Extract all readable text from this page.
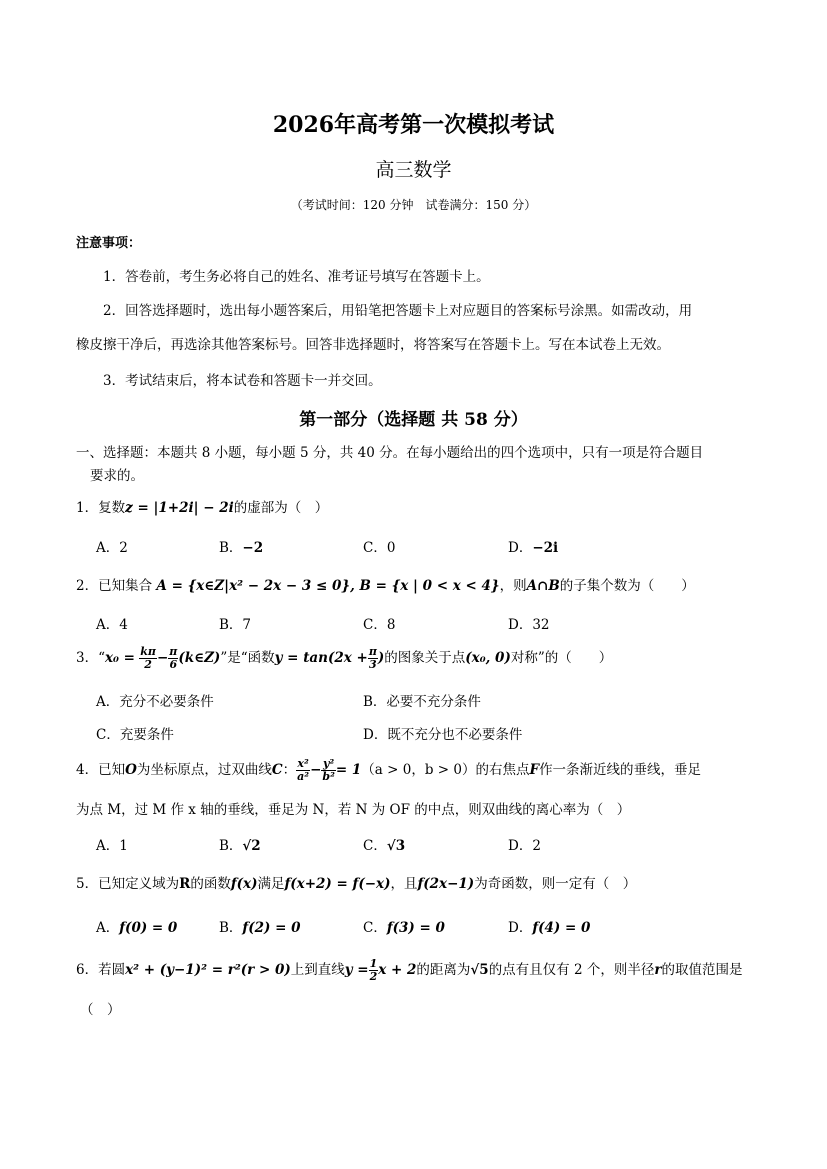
2026年高考第一次模拟考试
高三数学
（考试时间：120 分钟　试卷满分：150 分）
注意事项：
1．答卷前，考生务必将自己的姓名、准考证号填写在答题卡上。
2．回答选择题时，选出每小题答案后，用铅笔把答题卡上对应题目的答案标号涂黑。如需改动，用
橡皮擦干净后，再选涂其他答案标号。回答非选择题时，将答案写在答题卡上。写在本试卷上无效。
3．考试结束后，将本试卷和答题卡一并交回。
第一部分（选择题 共 58 分）
一、选择题：本题共 8 小题，每小题 5 分，共 40 分。在每小题给出的四个选项中，只有一项是符合题目
要求的。
1．复数z = |1+2i| − 2i的虚部为（　）
A．2	B．−2	C．0	D．−2i
2．已知集合 A = {x∈Z|x² − 2x − 3 ≤ 0}, B = {x | 0 < x < 4}，则A∩B的子集个数为（　　）
A．4	B．7	C．8	D．32
3．“$x_0 = \frac{k\pi}{2} - \frac{\pi}{6}$ (k∈Z)”是“函数$y = \tan(2x + \frac{\pi}{3}$ )的图象关于点(x₀, 0)对称”的（　　）
A．充分不必要条件	B．必要不充分条件
C．充要条件	D．既不充分也不必要条件
4．已知O为坐标原点，过双曲线C： $\frac{\text{x²}}{\text{a²}} - \frac{\text{y²}}{\text{b²}} = 1(a > 0$，b > 0）的右焦点F作一条渐近线的垂线，垂足
为点 M，过 M 作 x 轴的垂线，垂足为 N，若 N 为 OF 的中点，则双曲线的离心率为（　）
A．1	B．√2	C．√3	D．2
5．已知定义域为R的函数f(x)满足f(x+2) = f(−x)，且f(2x−1)为奇函数，则一定有（　）
A．f(0) = 0	B．f(2) = 0	C．f(3) = 0	D．f(4) = 0
6．若圆x² + (y−1)² = r²(r > 0)上到直线$y = \frac{1}{2}$ x + 2的距离为√5的点有且仅有 2 个，则半径r的取值范围是
（　）
